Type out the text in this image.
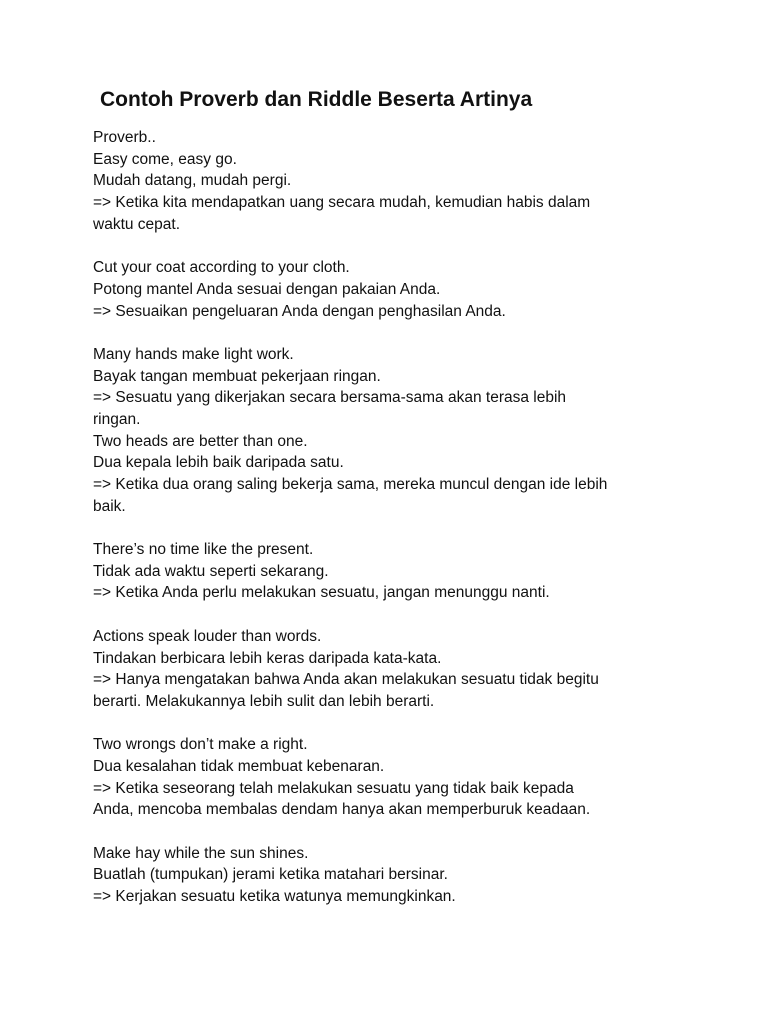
Contoh Proverb dan Riddle Beserta Artinya
Proverb..
Easy come, easy go.
Mudah datang, mudah pergi.
=> Ketika kita mendapatkan uang secara mudah, kemudian habis dalam
waktu cepat.
Cut your coat according to your cloth.
Potong mantel Anda sesuai dengan pakaian Anda.
=> Sesuaikan pengeluaran Anda dengan penghasilan Anda.
Many hands make light work.
Bayak tangan membuat pekerjaan ringan.
=> Sesuatu yang dikerjakan secara bersama-sama akan terasa lebih
ringan.
Two heads are better than one.
Dua kepala lebih baik daripada satu.
=> Ketika dua orang saling bekerja sama, mereka muncul dengan ide lebih
baik.
There’s no time like the present.
Tidak ada waktu seperti sekarang.
=> Ketika Anda perlu melakukan sesuatu, jangan menunggu nanti.
Actions speak louder than words.
Tindakan berbicara lebih keras daripada kata-kata.
=> Hanya mengatakan bahwa Anda akan melakukan sesuatu tidak begitu
berarti. Melakukannya lebih sulit dan lebih berarti.
Two wrongs don’t make a right.
Dua kesalahan tidak membuat kebenaran.
=> Ketika seseorang telah melakukan sesuatu yang tidak baik kepada
Anda, mencoba membalas dendam hanya akan memperburuk keadaan.
Make hay while the sun shines.
Buatlah (tumpukan) jerami ketika matahari bersinar.
=> Kerjakan sesuatu ketika watunya memungkinkan.
